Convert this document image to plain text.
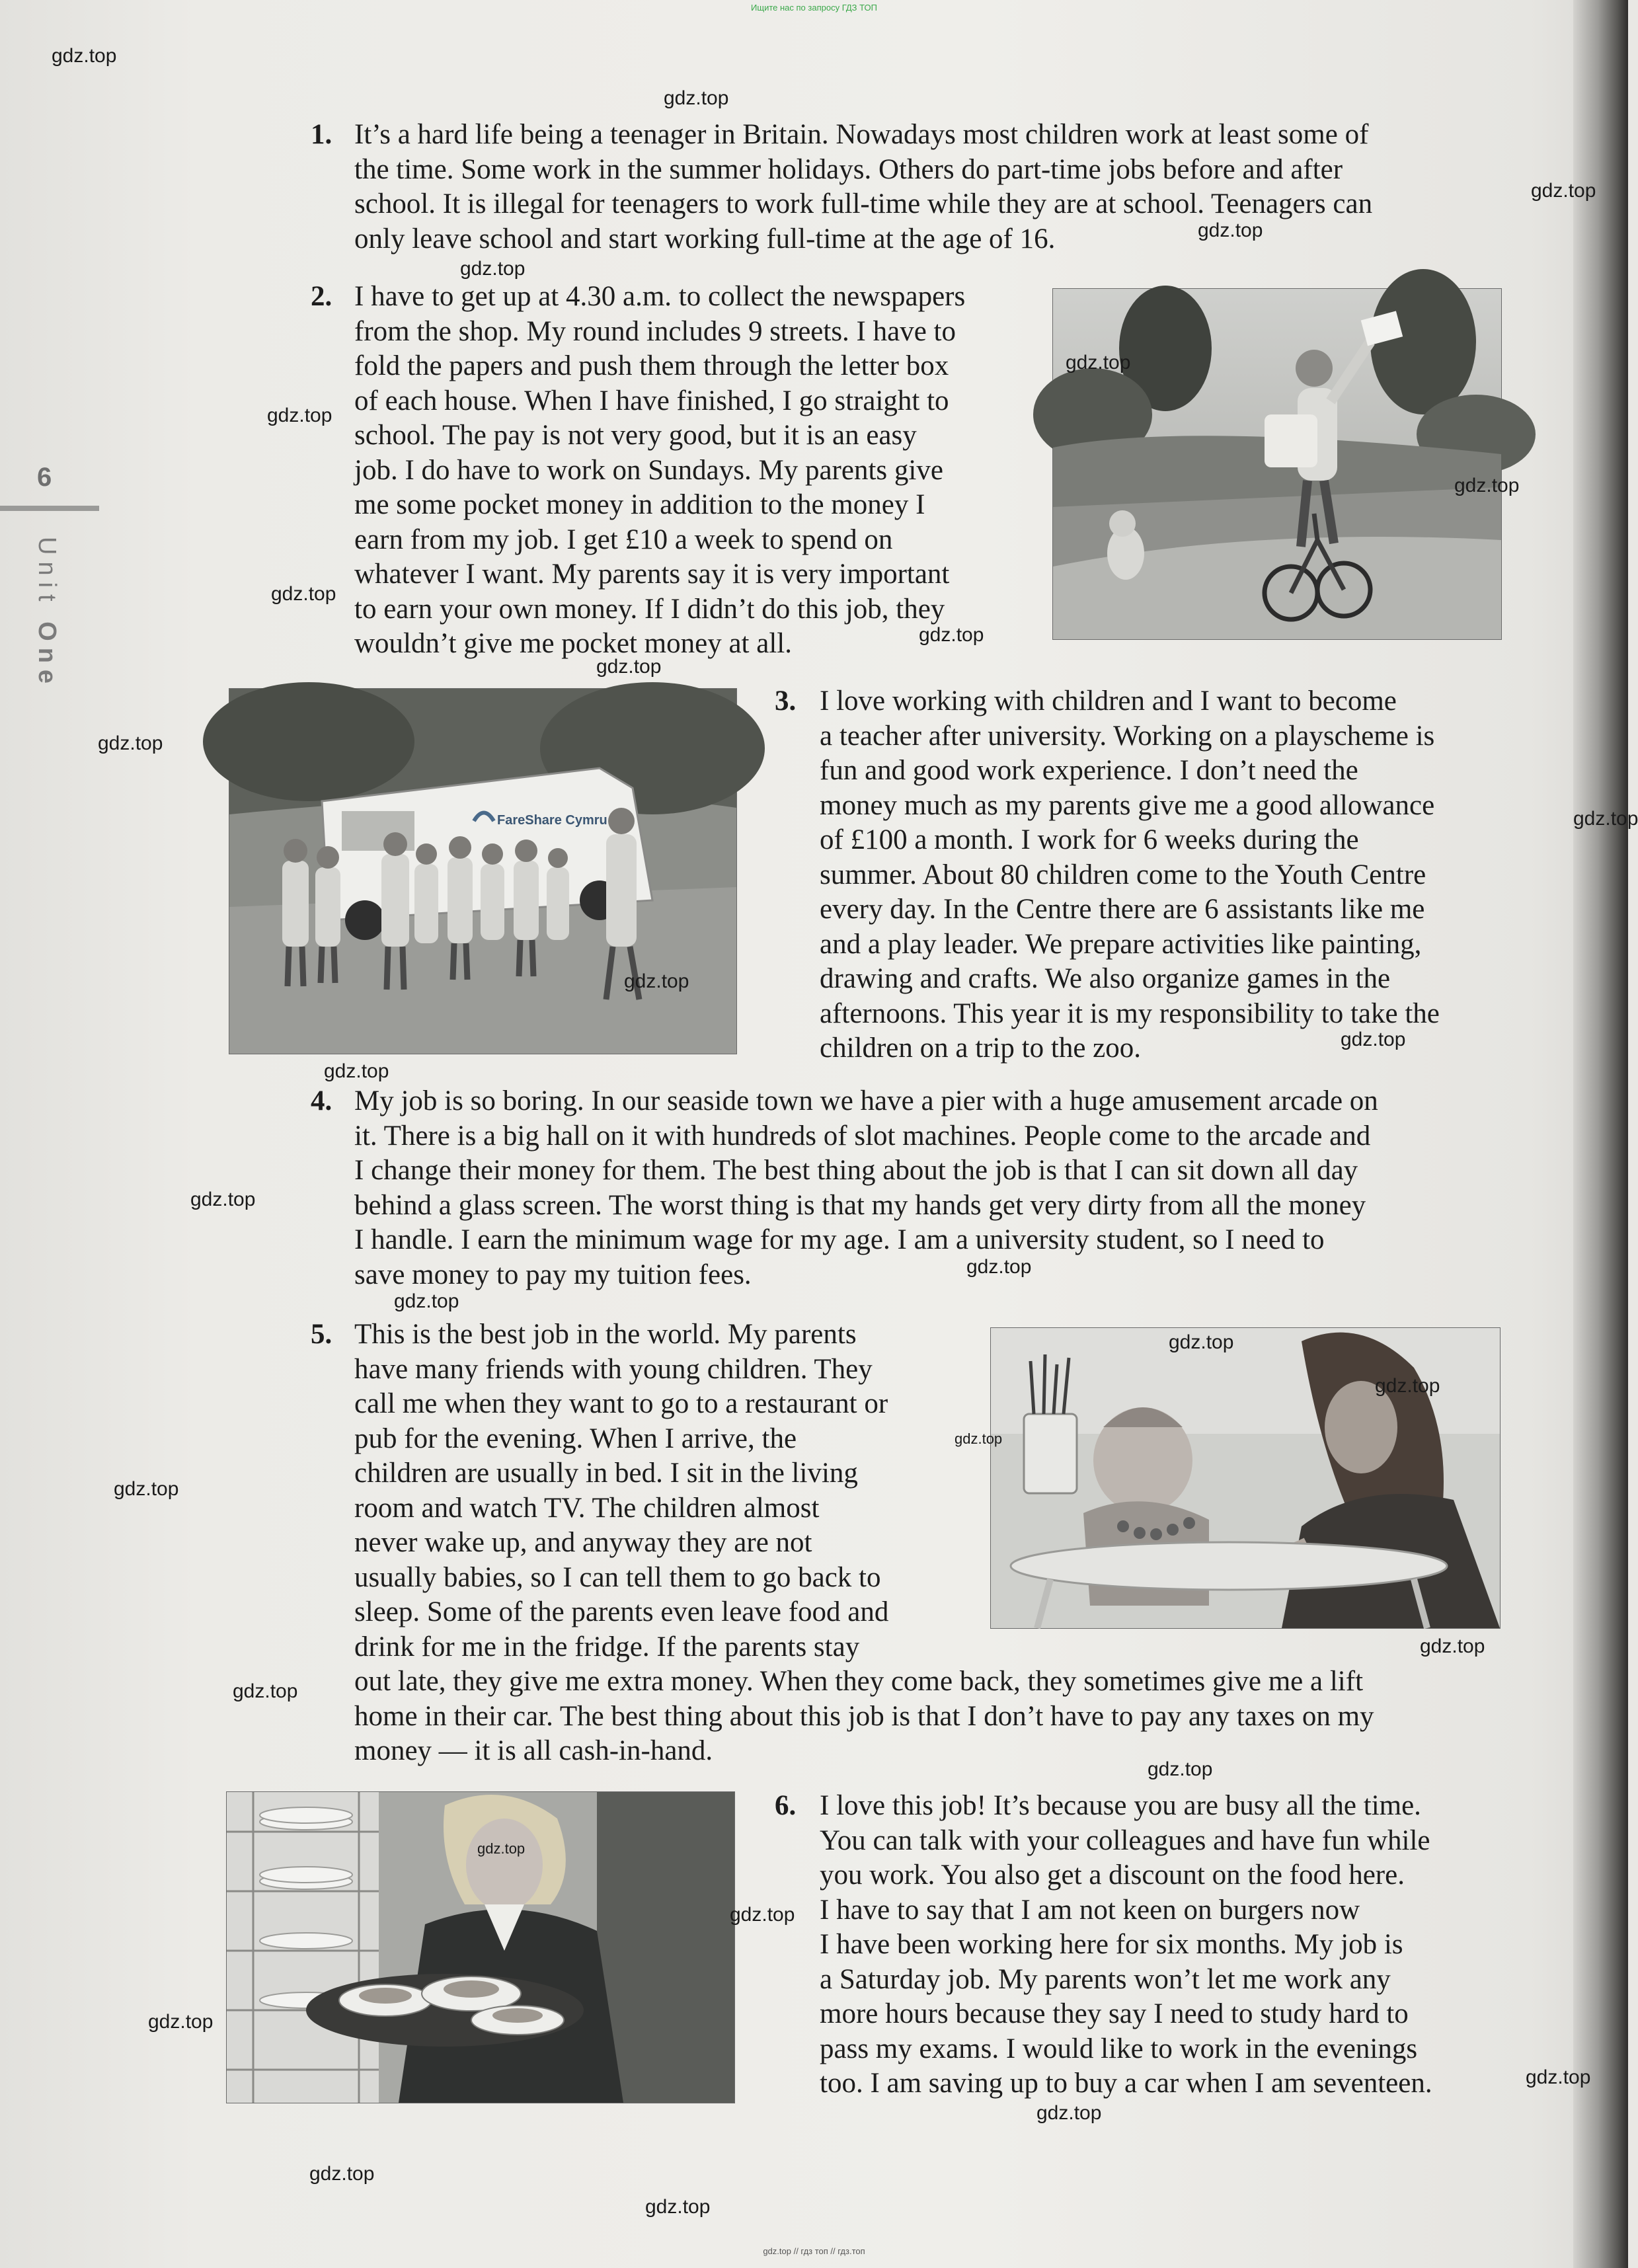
Ищите нас по запросу ГДЗ ТОП
gdz.top // гдз топ // гдз.топ
6
Unit One
1. It’s a hard life being a teenager in Britain. Nowadays most children work at least some of
the time. Some work in the summer holidays. Others do part-time jobs before and after
school. It is illegal for teenagers to work full-time while they are at school. Teenagers can
only leave school and start working full-time at the age of 16.
2. I have to get up at 4.30 a.m. to collect the newspapers
from the shop. My round includes 9 streets. I have to
fold the papers and push them through the letter box
of each house. When I have finished, I go straight to
school. The pay is not very good, but it is an easy
job. I do have to work on Sundays. My parents give
me some pocket money in addition to the money I
earn from my job. I get £10 a week to spend on
whatever I want. My parents say it is very important
to earn your own money. If I didn’t do this job, they
wouldn’t give me pocket money at all.
FareShare Cymru
3. I love working with children and I want to become
a teacher after university. Working on a playscheme is
fun and good work experience. I don’t need the
money much as my parents give me a good allowance
of £100 a month. I work for 6 weeks during the
summer. About 80 children come to the Youth Centre
every day. In the Centre there are 6 assistants like me
and a play leader. We prepare activities like painting,
drawing and crafts. We also organize games in the
afternoons. This year it is my responsibility to take the
children on a trip to the zoo.
4. My job is so boring. In our seaside town we have a pier with a huge amusement arcade on
it. There is a big hall on it with hundreds of slot machines. People come to the arcade and
I change their money for them. The best thing about the job is that I can sit down all day
behind a glass screen. The worst thing is that my hands get very dirty from all the money
I handle. I earn the minimum wage for my age. I am a university student, so I need to
save money to pay my tuition fees.
5. This is the best job in the world. My parents
have many friends with young children. They
call me when they want to go to a restaurant or
pub for the evening. When I arrive, the
children are usually in bed. I sit in the living
room and watch TV. The children almost
never wake up, and anyway they are not
usually babies, so I can tell them to go back to
sleep. Some of the parents even leave food and
drink for me in the fridge. If the parents stay
out late, they give me extra money. When they come back, they sometimes give me a lift
home in their car. The best thing about this job is that I don’t have to pay any taxes on my
money — it is all cash-in-hand.
6. I love this job! It’s because you are busy all the time.
You can talk with your colleagues and have fun while
you work. You also get a discount on the food here.
I have to say that I am not keen on burgers now
I have been working here for six months. My job is
a Saturday job. My parents won’t let me work any
more hours because they say I need to study hard to
pass my exams. I would like to work in the evenings
too. I am saving up to buy a car when I am seventeen.
gdz.top
gdz.top
gdz.top
gdz.top
gdz.top
gdz.top
gdz.top
gdz.top
gdz.top
gdz.top
gdz.top
gdz.top
gdz.top
gdz.top
gdz.top
gdz.top
gdz.top
gdz.top
gdz.top
gdz.top
gdz.top
gdz.top
gdz.top
gdz.top
gdz.top
gdz.top
gdz.top
gdz.top
gdz.top
gdz.top
gdz.top
gdz.top
gdz.top
